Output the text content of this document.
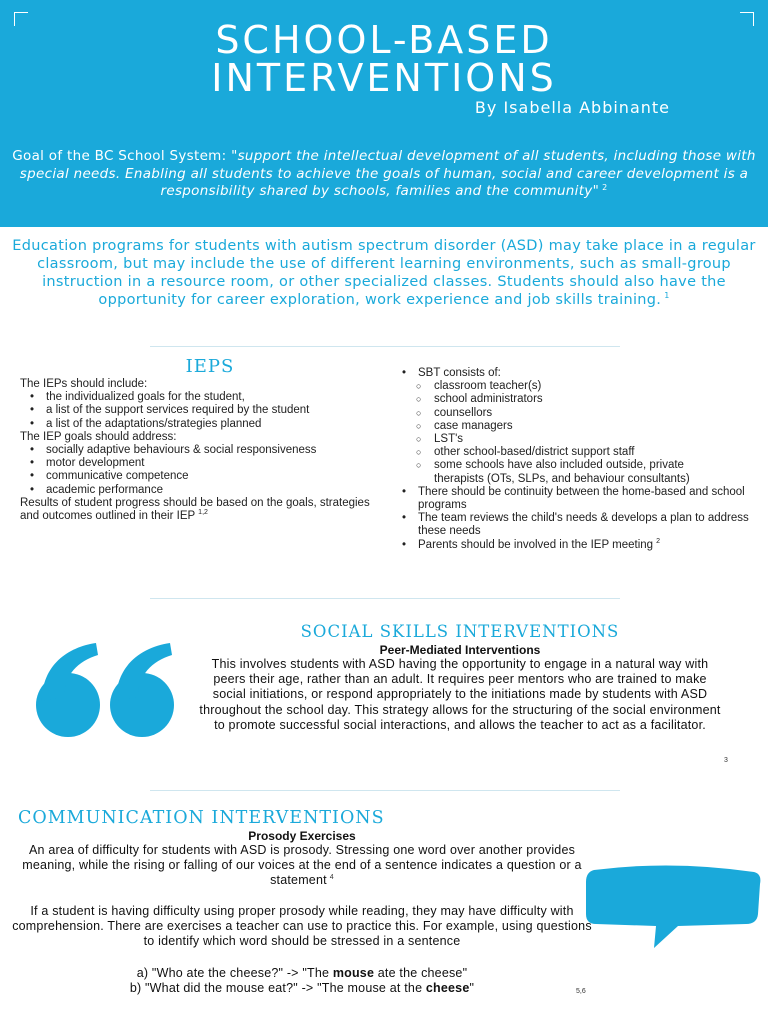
SCHOOL-BASED
INTERVENTIONS
By Isabella Abbinante
Goal of the BC School System: "support the intellectual development of all students, including those with special needs. Enabling all students to achieve the goals of human, social and career development is a responsibility shared by schools, families and the community" $^2$
Education programs for students with autism spectrum disorder (ASD) may take place in a regular classroom, but may include the use of different learning environments, such as small-group instruction in a resource room, or other specialized classes. Students should also have the opportunity for career exploration, work experience and job skills training. $^1$
IEPS
The IEPs should include:
• the individualized goals for the student,
• a list of the support services required by the student
• a list of the adaptations/strategies planned
The IEP goals should address:
• socially adaptive behaviours & social responsiveness
• motor development
• communicative competence
• academic performance
Results of student progress should be based on the goals, strategies and outcomes outlined in their IEP $^{1,2}$
• SBT consists of:
○ classroom teacher(s)
○ school administrators
○ counsellors
○ case managers
○ LST's
○ other school-based/district support staff
○ some schools have also included outside, private therapists (OTs, SLPs, and behaviour consultants)
• There should be continuity between the home-based and school programs
• The team reviews the child's needs & develops a plan to address these needs
• Parents should be involved in the IEP meeting $^2$
SOCIAL SKILLS INTERVENTIONS
Peer-Mediated Interventions
This involves students with ASD having the opportunity to engage in a natural way with peers their age, rather than an adult. It requires peer mentors who are trained to make social initiations, or respond appropriately to the initiations made by students with ASD throughout the school day. This strategy allows for the structuring of the social environment to promote successful social interactions, and allows the teacher to act as a facilitator.
3
COMMUNICATION INTERVENTIONS
Prosody Exercises
An area of difficulty for students with ASD is prosody. Stressing one word over another provides meaning, while the rising or falling of our voices at the end of a sentence indicates a question or a statement $^4$
If a student is having difficulty using proper prosody while reading, they may have difficulty with comprehension. There are exercises a teacher can use to practice this. For example, using questions to identify which word should be stressed in a sentence
a) "Who ate the cheese?" -> "The mouse ate the cheese"
b) "What did the mouse eat?" -> "The mouse at the cheese"	5,6
